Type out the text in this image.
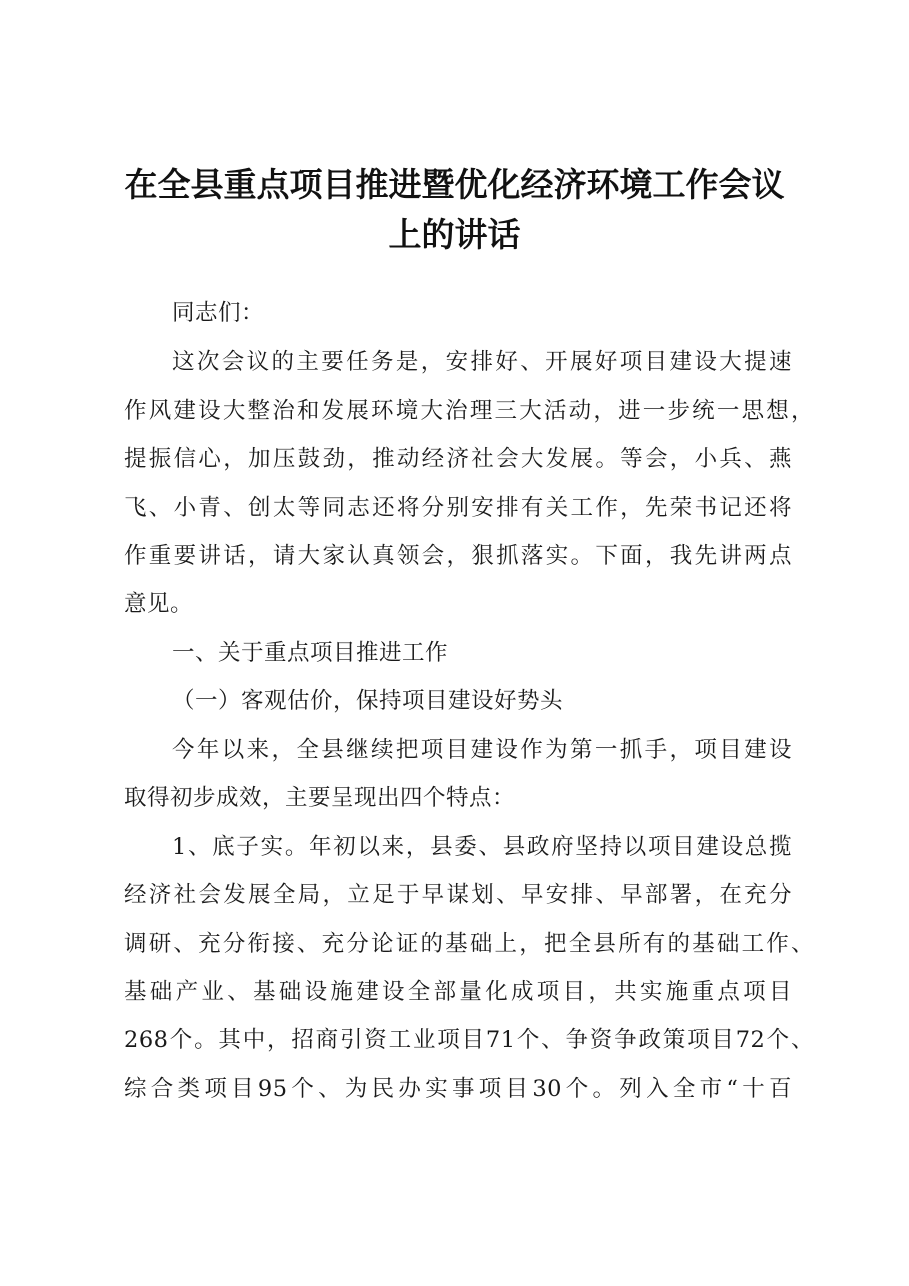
在全县重点项目推进暨优化经济环境工作会议
上的讲话
同志们：
这次会议的主要任务是，安排好、开展好项目建设大提速
作风建设大整治和发展环境大治理三大活动，进一步统一思想，
提振信心，加压鼓劲，推动经济社会大发展。等会，小兵、燕
飞、小青、创太等同志还将分别安排有关工作，先荣书记还将
作重要讲话，请大家认真领会，狠抓落实。下面，我先讲两点
意见。
一、关于重点项目推进工作
（一）客观估价，保持项目建设好势头
今年以来，全县继续把项目建设作为第一抓手，项目建设
取得初步成效，主要呈现出四个特点：
1、底子实。年初以来，县委、县政府坚持以项目建设总揽
经济社会发展全局，立足于早谋划、早安排、早部署，在充分
调研、充分衔接、充分论证的基础上，把全县所有的基础工作、
基础产业、基础设施建设全部量化成项目，共实施重点项目
268个。其中，招商引资工业项目71个、争资争政策项目72个、
综合类项目95个、为民办实事项目30个。列入全市“十百
